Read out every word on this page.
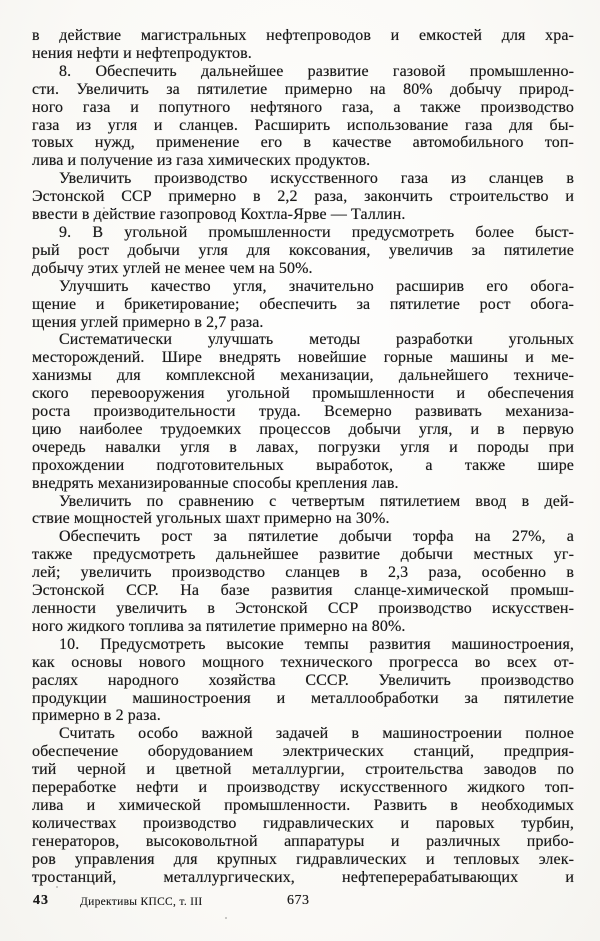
в действие магистральных нефтепроводов и емкостей для хра-
нения нефти и нефтепродуктов.
8. Обеспечить дальнейшее развитие газовой промышленно-
сти. Увеличить за пятилетие примерно на 80% добычу природ-
ного газа и попутного нефтяного газа, а также производство
газа из угля и сланцев. Расширить использование газа для бы-
товых нужд, применение его в качестве автомобильного топ-
лива и получение из газа химических продуктов.
Увеличить производство искусственного газа из сланцев в
Эстонской ССР примерно в 2,2 раза, закончить строительство и
ввести в действие газопровод Кохтла-Ярве — Таллин.
9. В угольной промышленности предусмотреть более быст-
рый рост добычи угля для коксования, увеличив за пятилетие
добычу этих углей не менее чем на 50%.
Улучшить качество угля, значительно расширив его обога-
щение и брикетирование; обеспечить за пятилетие рост обога-
щения углей примерно в 2,7 раза.
Систематически улучшать методы разработки угольных
месторождений. Шире внедрять новейшие горные машины и ме-
ханизмы для комплексной механизации, дальнейшего техниче-
ского перевооружения угольной промышленности и обеспечения
роста производительности труда. Всемерно развивать механиза-
цию наиболее трудоемких процессов добычи угля, и в первую
очередь навалки угля в лавах, погрузки угля и породы при
прохождении подготовительных выработок, а также шире
внедрять механизированные способы крепления лав.
Увеличить по сравнению с четвертым пятилетием ввод в дей-
ствие мощностей угольных шахт примерно на 30%.
Обеспечить рост за пятилетие добычи торфа на 27%, а
также предусмотреть дальнейшее развитие добычи местных уг-
лей; увеличить производство сланцев в 2,3 раза, особенно в
Эстонской ССР. На базе развития сланце-химической промыш-
ленности увеличить в Эстонской ССР производство искусствен-
ного жидкого топлива за пятилетие примерно на 80%.
10. Предусмотреть высокие темпы развития машиностроения,
как основы нового мощного технического прогресса во всех от-
раслях народного хозяйства СССР. Увеличить производство
продукции машиностроения и металлообработки за пятилетие
примерно в 2 раза.
Считать особо важной задачей в машиностроении полное
обеспечение оборудованием электрических станций, предприя-
тий черной и цветной металлургии, строительства заводов по
переработке нефти и производству искусственного жидкого топ-
лива и химической промышленности. Развить в необходимых
количествах производство гидравлических и паровых турбин,
генераторов, высоковольтной аппаратуры и различных прибо-
ров управления для крупных гидравлических и тепловых элек-
тростанций, металлургических, нефтеперерабатывающих и
43	Директивы КПСС, т. III	673
